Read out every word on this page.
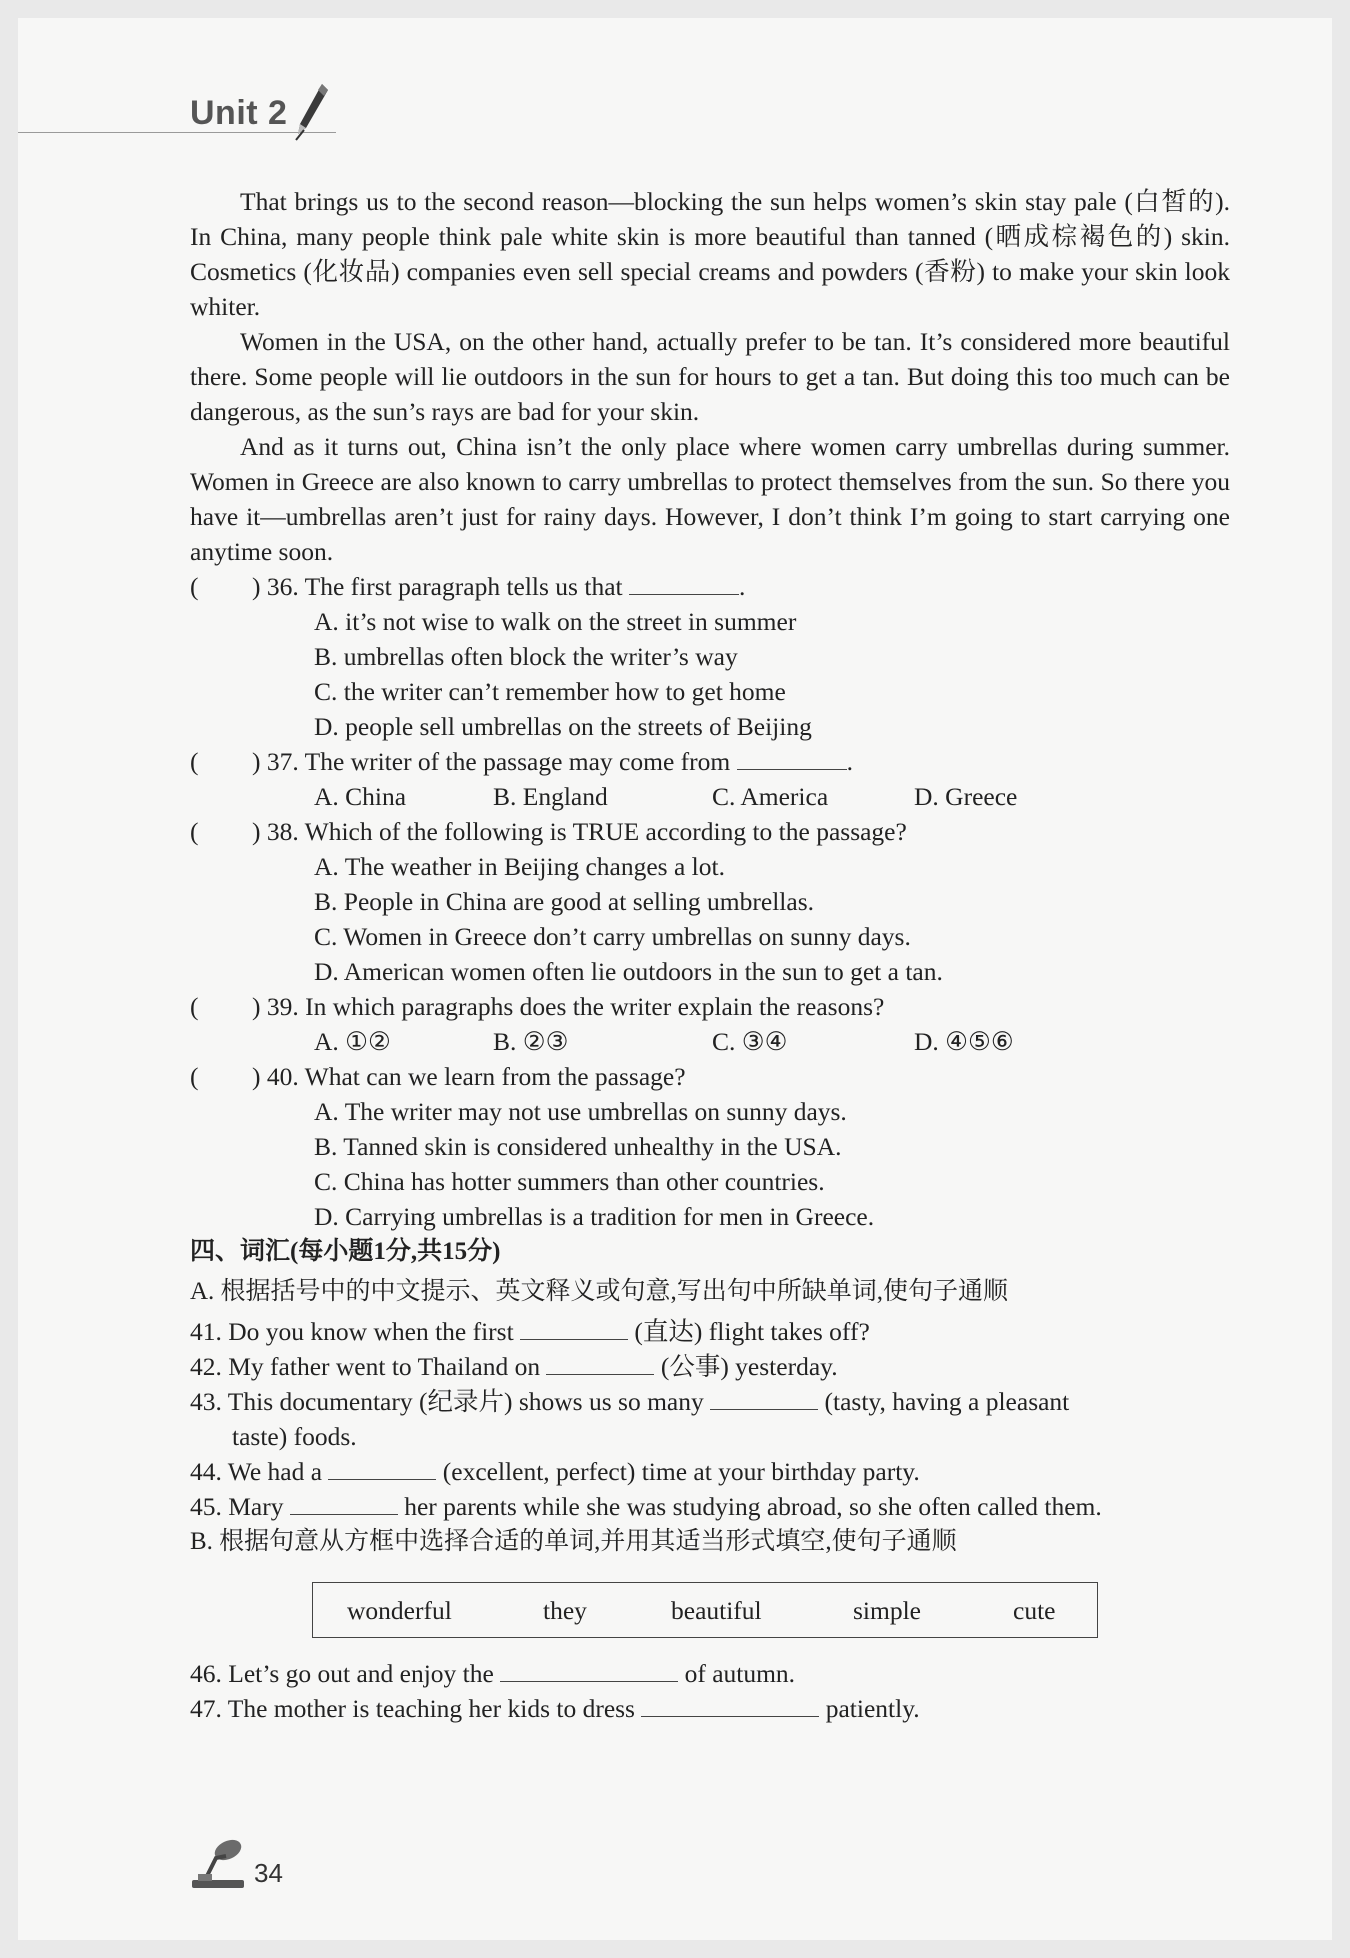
Unit 2

That brings us to the second reason—blocking the sun helps women’s skin stay pale (白皙的). In China, many people think pale white skin is more beautiful than tanned (晒成棕褐色的) skin. Cosmetics (化妆品) companies even sell special creams and powders (香粉) to make your skin look whiter.

Women in the USA, on the other hand, actually prefer to be tan. It’s considered more beautiful there. Some people will lie outdoors in the sun for hours to get a tan. But doing this too much can be dangerous, as the sun’s rays are bad for your skin.

And as it turns out, China isn’t the only place where women carry umbrellas during summer. Women in Greece are also known to carry umbrellas to protect themselves from the sun. So there you have it—umbrellas aren’t just for rainy days. However, I don’t think I’m going to start carrying one anytime soon.

( ) 36. The first paragraph tells us that	.
A. it’s not wise to walk on the street in summer
B. umbrellas often block the writer’s way
C. the writer can’t remember how to get home
D. people sell umbrellas on the streets of Beijing
( ) 37. The writer of the passage may come from	.
A. China	B. England	C. America	D. Greece
( ) 38. Which of the following is TRUE according to the passage?
A. The weather in Beijing changes a lot.
B. People in China are good at selling umbrellas.
C. Women in Greece don’t carry umbrellas on sunny days.
D. American women often lie outdoors in the sun to get a tan.
( ) 39. In which paragraphs does the writer explain the reasons?
A. ①②	B. ②③	C. ③④	D. ④⑤⑥
( ) 40. What can we learn from the passage?
A. The writer may not use umbrellas on sunny days.
B. Tanned skin is considered unhealthy in the USA.
C. China has hotter summers than other countries.
D. Carrying umbrellas is a tradition for men in Greece.
四、词汇(每小题1分,共15分)
A. 根据括号中的中文提示、英文释义或句意,写出句中所缺单词,使句子通顺
41. Do you know when the first	(直达) flight takes off?
42. My father went to Thailand on	(公事) yesterday.
43. This documentary (纪录片) shows us so many	(tasty, having a pleasant
taste) foods.
44. We had a	(excellent, perfect) time at your birthday party.
45. Mary	her parents while she was studying abroad, so she often called them.
B. 根据句意从方框中选择合适的单词,并用其适当形式填空,使句子通顺
wonderful	they	beautiful	simple	cute
46. Let’s go out and enjoy the	of autumn.
47. The mother is teaching her kids to dress	patiently.
34
